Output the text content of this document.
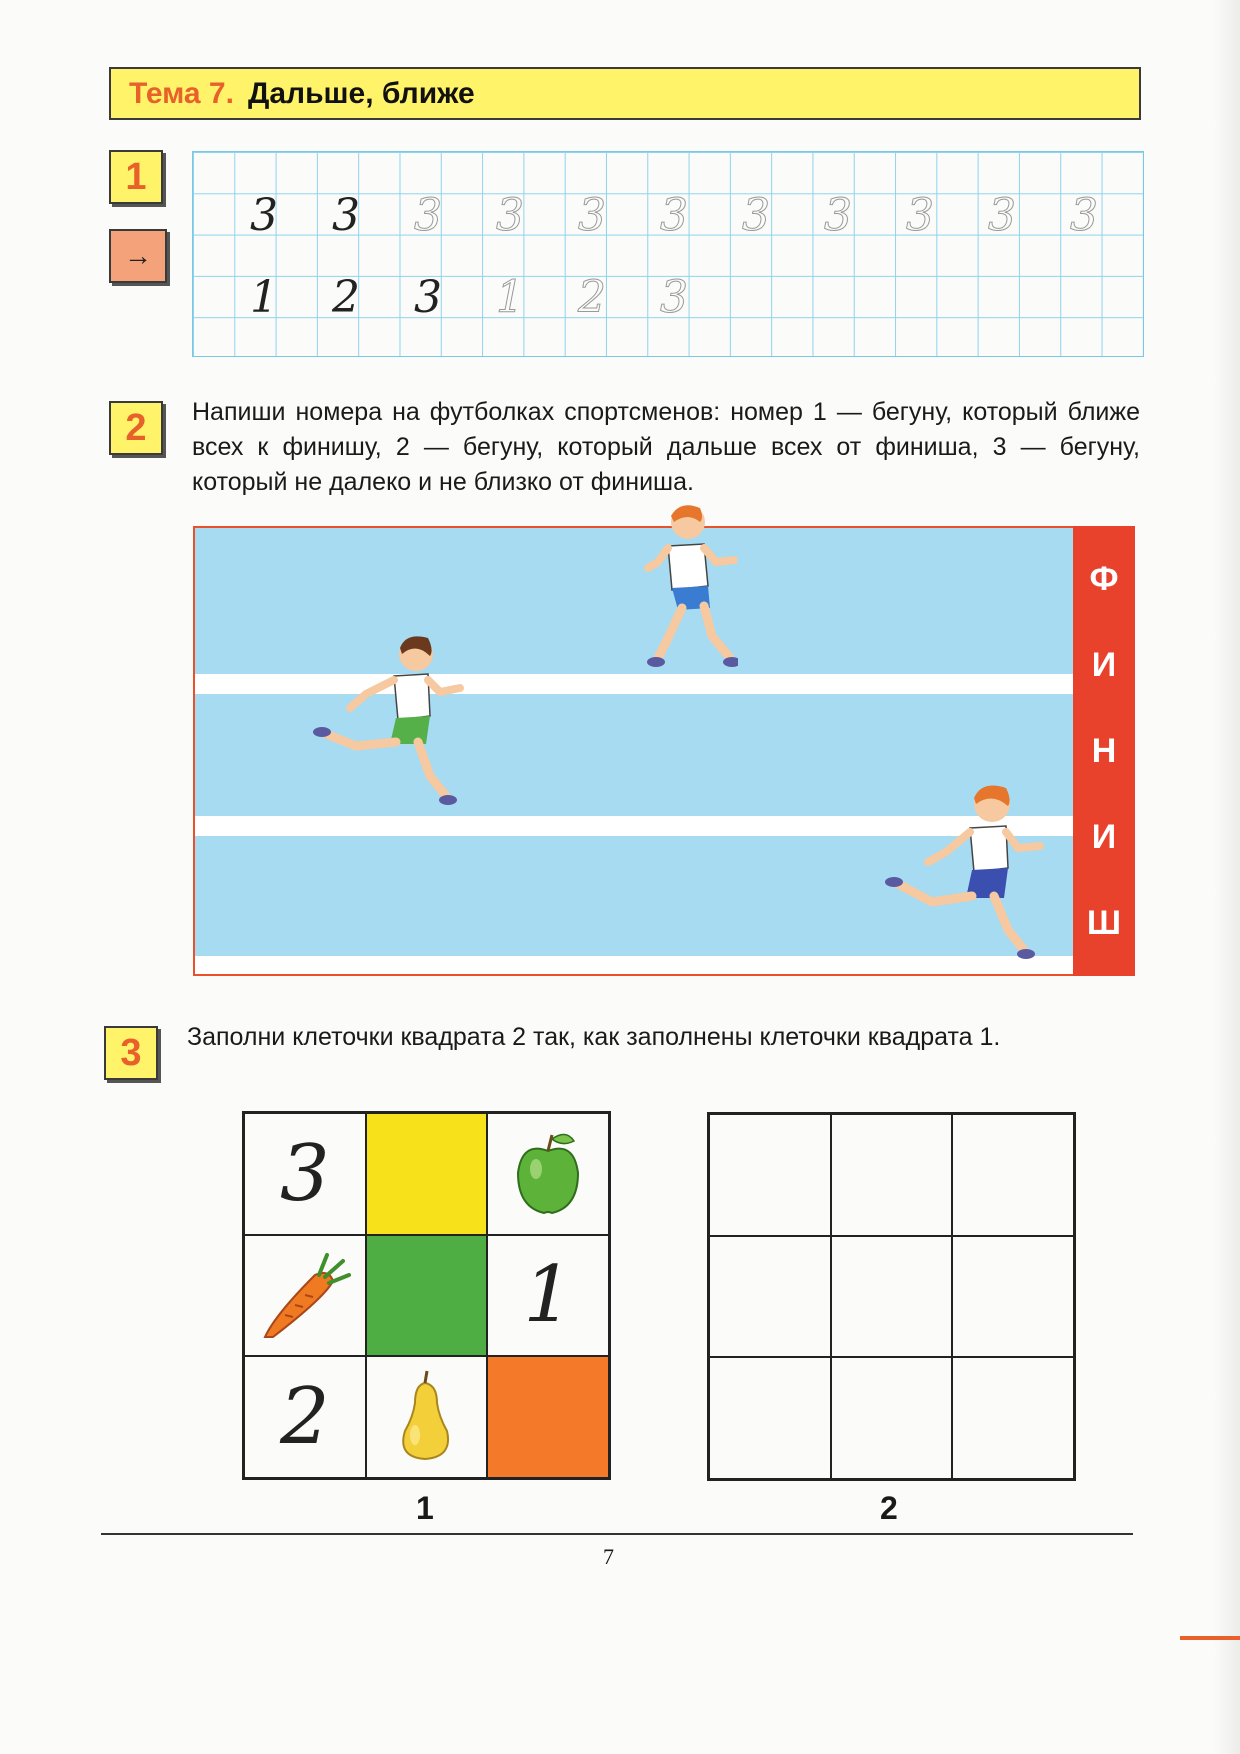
Тема 7. Дальше, ближе
1
→
3 3 3 3 3 3 3 3 3 3 3
1 2 3 1 2 3
2	Напиши номера на футболках спортсменов: номер 1 — бегуну, который ближе всех к финишу, 2 — бегуну, который дальше всех от финиша, 3 — бегуну, который не далеко и не близко от финиша.

Ф
И
Н
И
Ш
3	Заполни клеточки квадрата 2 так, как заполнены клеточки квадрата 1.

3
1
2
1	2
7
